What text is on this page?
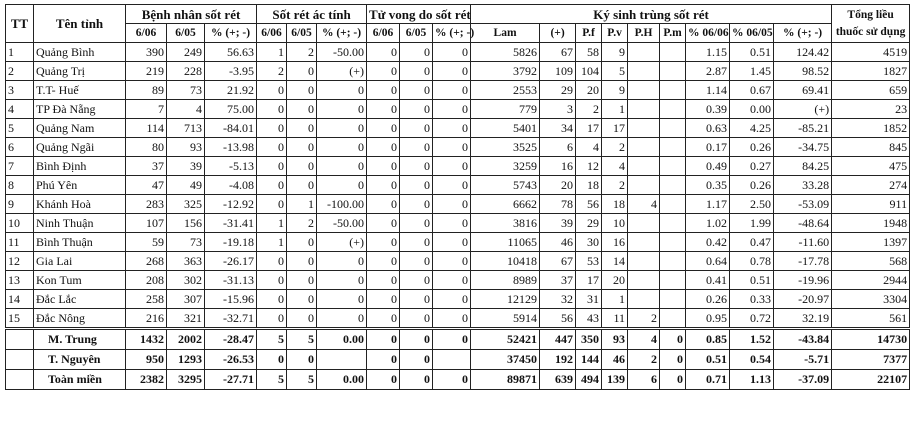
TT	Tên tỉnh	Bệnh nhân sốt rét			Sốt rét ác tính			Tử vong do sốt rét			Ký sinh trùng sốt rét									Tổng liều
thuốc sử dụng
		6/06	6/05	% (+; -)	6/06	6/05	% (+; -)	6/06	6/05	% (+; -)	Lam	(+)	P.f	P.v	P.H	P.m	% 06/06	% 06/05	% (+; -)	
1	Quảng Bình	390	249	56.63	1	2	-50.00	0	0	0	5826	67	58	9			1.15	0.51	124.42	4519
2	Quảng Trị	219	228	-3.95	2	0	(+)	0	0	0	3792	109	104	5			2.87	1.45	98.52	1827
3	T.T- Huế	89	73	21.92	0	0	0	0	0	0	2553	29	20	9			1.14	0.67	69.41	659
4	TP Đà Nẵng	7	4	75.00	0	0	0	0	0	0	779	3	2	1			0.39	0.00	(+)	23
5	Quảng Nam	114	713	-84.01	0	0	0	0	0	0	5401	34	17	17			0.63	4.25	-85.21	1852
6	Quảng Ngãi	80	93	-13.98	0	0	0	0	0	0	3525	6	4	2			0.17	0.26	-34.75	845
7	Bình Định	37	39	-5.13	0	0	0	0	0	0	3259	16	12	4			0.49	0.27	84.25	475
8	Phú Yên	47	49	-4.08	0	0	0	0	0	0	5743	20	18	2			0.35	0.26	33.28	274
9	Khánh Hoà	283	325	-12.92	0	1	-100.00	0	0	0	6662	78	56	18	4		1.17	2.50	-53.09	911
10	Ninh Thuận	107	156	-31.41	1	2	-50.00	0	0	0	3816	39	29	10			1.02	1.99	-48.64	1948
11	Bình Thuận	59	73	-19.18	1	0	(+)	0	0	0	11065	46	30	16			0.42	0.47	-11.60	1397
12	Gia Lai	268	363	-26.17	0	0	0	0	0	0	10418	67	53	14			0.64	0.78	-17.78	568
13	Kon Tum	208	302	-31.13	0	0	0	0	0	0	8989	37	17	20			0.41	0.51	-19.96	2944
14	Đắc Lắc	258	307	-15.96	0	0	0	0	0	0	12129	32	31	1			0.26	0.33	-20.97	3304
15	Đắc Nông	216	321	-32.71	0	0	0	0	0	0	5914	56	43	11	2		0.95	0.72	32.19	561
	M. Trung	1432	2002	-28.47	5	5	0.00	0	0	0	52421	447	350	93	4	0	0.85	1.52	-43.84	14730
	T. Nguyên	950	1293	-26.53	0	0		0	0		37450	192	144	46	2	0	0.51	0.54	-5.71	7377
	Toàn miền	2382	3295	-27.71	5	5	0.00	0	0	0	89871	639	494	139	6	0	0.71	1.13	-37.09	22107
